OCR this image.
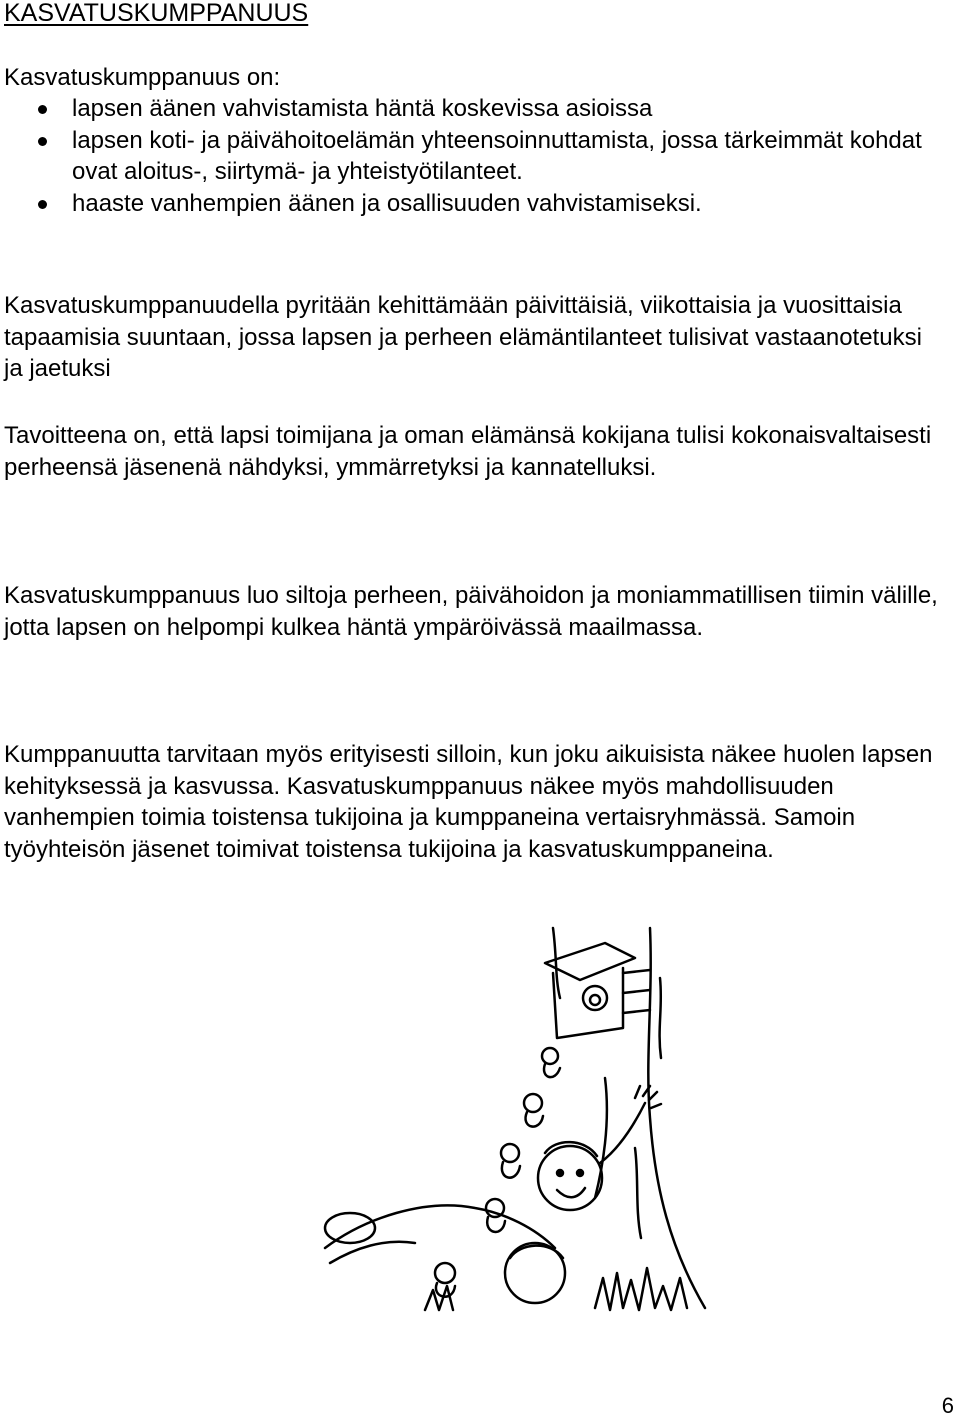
KASVATUSKUMPPANUUS

Kasvatuskumppanuus on:

lapsen äänen vahvistamista häntä koskevissa asioissa
lapsen koti- ja päivähoitoelämän yhteensoinnuttamista, jossa tärkeimmät kohdat ovat aloitus-, siirtymä- ja yhteistyötilanteet.
haaste vanhempien äänen ja osallisuuden vahvistamiseksi.

Kasvatuskumppanuudella pyritään kehittämään päivittäisiä, viikottaisia ja vuosittaisia tapaamisia suuntaan, jossa lapsen ja perheen elämäntilanteet tulisivat vastaanotetuksi ja jaetuksi

Tavoitteena on, että lapsi toimijana ja oman elämänsä kokijana tulisi kokonaisvaltaisesti perheensä jäsenenä nähdyksi, ymmärretyksi ja kannatelluksi.

Kasvatuskumppanuus luo siltoja perheen, päivähoidon ja moniammatillisen tiimin välille, jotta lapsen on helpompi kulkea häntä ympäröivässä maailmassa.

Kumppanuutta tarvitaan myös erityisesti silloin, kun joku aikuisista näkee huolen lapsen kehityksessä ja kasvussa. Kasvatuskumppanuus näkee myös mahdollisuuden vanhempien toimia toistensa tukijoina ja kumppaneina vertaisryhmässä. Samoin työyhteisön jäsenet toimivat toistensa tukijoina ja kasvatuskumppaneina.

6
